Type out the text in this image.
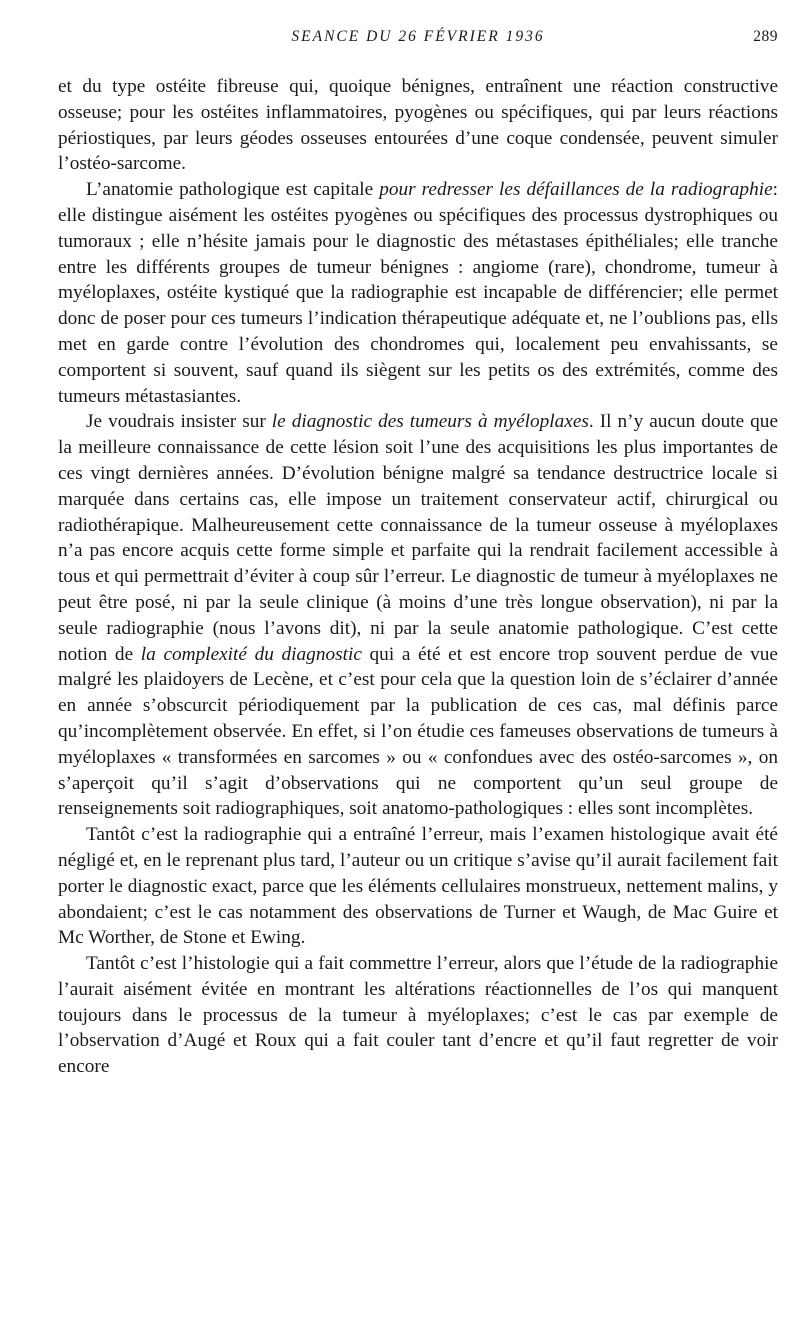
SEANCE DU 26 FÉVRIER 1936	289

et du type ostéite fibreuse qui, quoique bénignes, entraînent une réaction constructive osseuse; pour les ostéites inflammatoires, pyogènes ou spécifiques, qui par leurs réactions périostiques, par leurs géodes osseuses entourées d’une coque condensée, peuvent simuler l’ostéo-sarcome.

L’anatomie pathologique est capitale pour redresser les défaillances de la radiographie: elle distingue aisément les ostéites pyogènes ou spécifiques des processus dystrophiques ou tumoraux ; elle n’hésite jamais pour le diagnostic des métastases épithéliales; elle tranche entre les différents groupes de tumeur bénignes : angiome (rare), chondrome, tumeur à myéloplaxes, ostéite kystiqué que la radiographie est incapable de différencier; elle permet donc de poser pour ces tumeurs l’indication thérapeutique adéquate et, ne l’oublions pas, ells met en garde contre l’évolution des chondromes qui, localement peu envahissants, se comportent si souvent, sauf quand ils siègent sur les petits os des extrémités, comme des tumeurs métastasiantes.

Je voudrais insister sur le diagnostic des tumeurs à myéloplaxes. Il n’y aucun doute que la meilleure connaissance de cette lésion soit l’une des acquisitions les plus importantes de ces vingt dernières années. D’évolution bénigne malgré sa tendance destructrice locale si marquée dans certains cas, elle impose un traitement conservateur actif, chirurgical ou radiothérapique. Malheureusement cette connaissance de la tumeur osseuse à myéloplaxes n’a pas encore acquis cette forme simple et parfaite qui la rendrait facilement accessible à tous et qui permettrait d’éviter à coup sûr l’erreur. Le diagnostic de tumeur à myéloplaxes ne peut être posé, ni par la seule clinique (à moins d’une très longue observation), ni par la seule radiographie (nous l’avons dit), ni par la seule anatomie pathologique. C’est cette notion de la complexité du diagnostic qui a été et est encore trop souvent perdue de vue malgré les plaidoyers de Lecène, et c’est pour cela que la question loin de s’éclairer d’année en année s’obscurcit périodiquement par la publication de ces cas, mal définis parce qu’incomplètement observée. En effet, si l’on étudie ces fameuses observations de tumeurs à myéloplaxes « transformées en sarcomes » ou « confondues avec des ostéo-sarcomes », on s’aperçoit qu’il s’agit d’observations qui ne comportent qu’un seul groupe de renseignements soit radiographiques, soit anatomo-pathologiques : elles sont incomplètes.

Tantôt c’est la radiographie qui a entraîné l’erreur, mais l’examen histologique avait été négligé et, en le reprenant plus tard, l’auteur ou un critique s’avise qu’il aurait facilement fait porter le diagnostic exact, parce que les éléments cellulaires monstrueux, nettement malins, y abondaient; c’est le cas notamment des observations de Turner et Waugh, de Mac Guire et Mc Worther, de Stone et Ewing.

Tantôt c’est l’histologie qui a fait commettre l’erreur, alors que l’étude de la radiographie l’aurait aisément évitée en montrant les altérations réactionnelles de l’os qui manquent toujours dans le processus de la tumeur à myéloplaxes; c’est le cas par exemple de l’observation d’Augé et Roux qui a fait couler tant d’encre et qu’il faut regretter de voir encore
